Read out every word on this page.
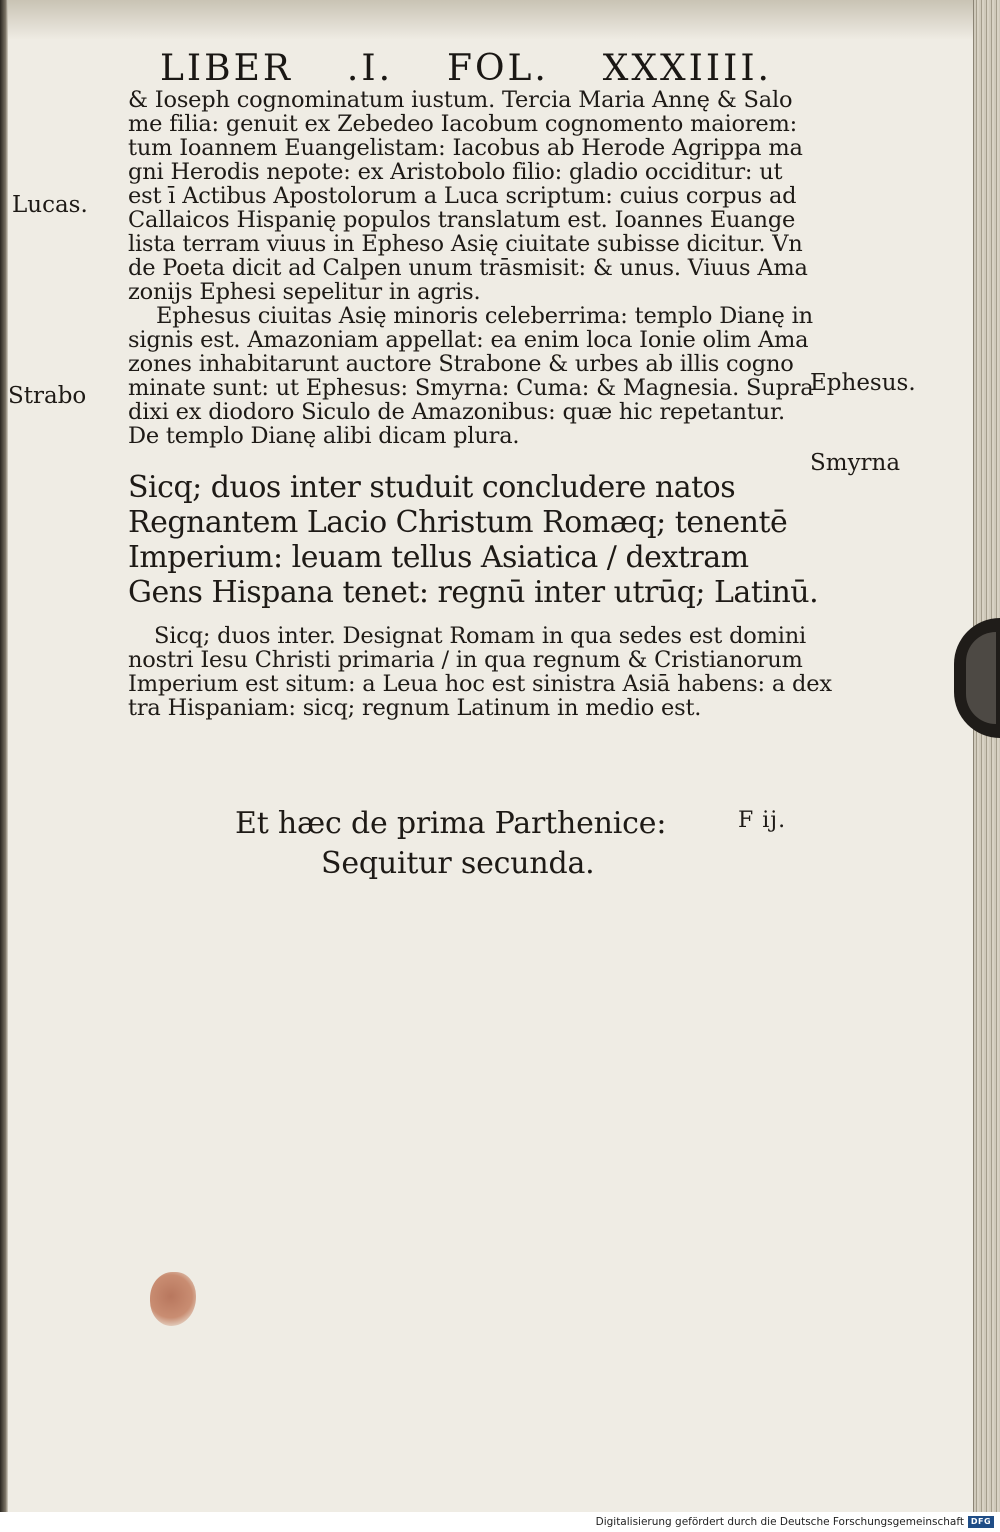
LIBER .I. FOL. XXXIIII.
& Ioseph cognominatum iustum. Tercia Maria Annę & Salo
me filia: genuit ex Zebedeo Iacobum cognomento maiorem:
tum Ioannem Euangelistam: Iacobus ab Herode Agrippa ma
gni Herodis nepote: ex Aristobolo filio: gladio occiditur: ut
est ī Actibus Apostolorum a Luca scriptum: cuius corpus ad
Callaicos Hispanię populos translatum est. Ioannes Euange
lista terram viuus in Epheso Asię ciuitate subisse dicitur. Vn
de Poeta dicit ad Calpen unum trāsmisit: & unus. Viuus Ama
zonijs Ephesi sepelitur in agris.
Ephesus ciuitas Asię minoris celeberrima: templo Dianę in
signis est. Amazoniam appellat: ea enim loca Ionie olim Ama
zones inhabitarunt auctore Strabone & urbes ab illis cogno
minate sunt: ut Ephesus: Smyrna: Cuma: & Magnesia. Supra
dixi ex diodoro Siculo de Amazonibus: quæ hic repetantur.
De templo Dianę alibi dicam plura.
Sicq; duos inter studuit concludere natos
Regnantem Lacio Christum Romæq; tenentē
Imperium: leuam tellus Asiatica / dextram
Gens Hispana tenet: regnū inter utrūq; Latinū.
Sicq; duos inter. Designat Romam in qua sedes est domini
nostri Iesu Christi primaria / in qua regnum & Cristianorum
Imperium est situm: a Leua hoc est sinistra Asiā habens: a dex
tra Hispaniam: sicq; regnum Latinum in medio est.
Et hæc de prima Parthenice:
Sequitur secunda.
F ij.
Lucas.
Strabo	Ephesus.
Smyrna
Digitalisierung gefördert durch die Deutsche Forschungsgemeinschaft DFG
